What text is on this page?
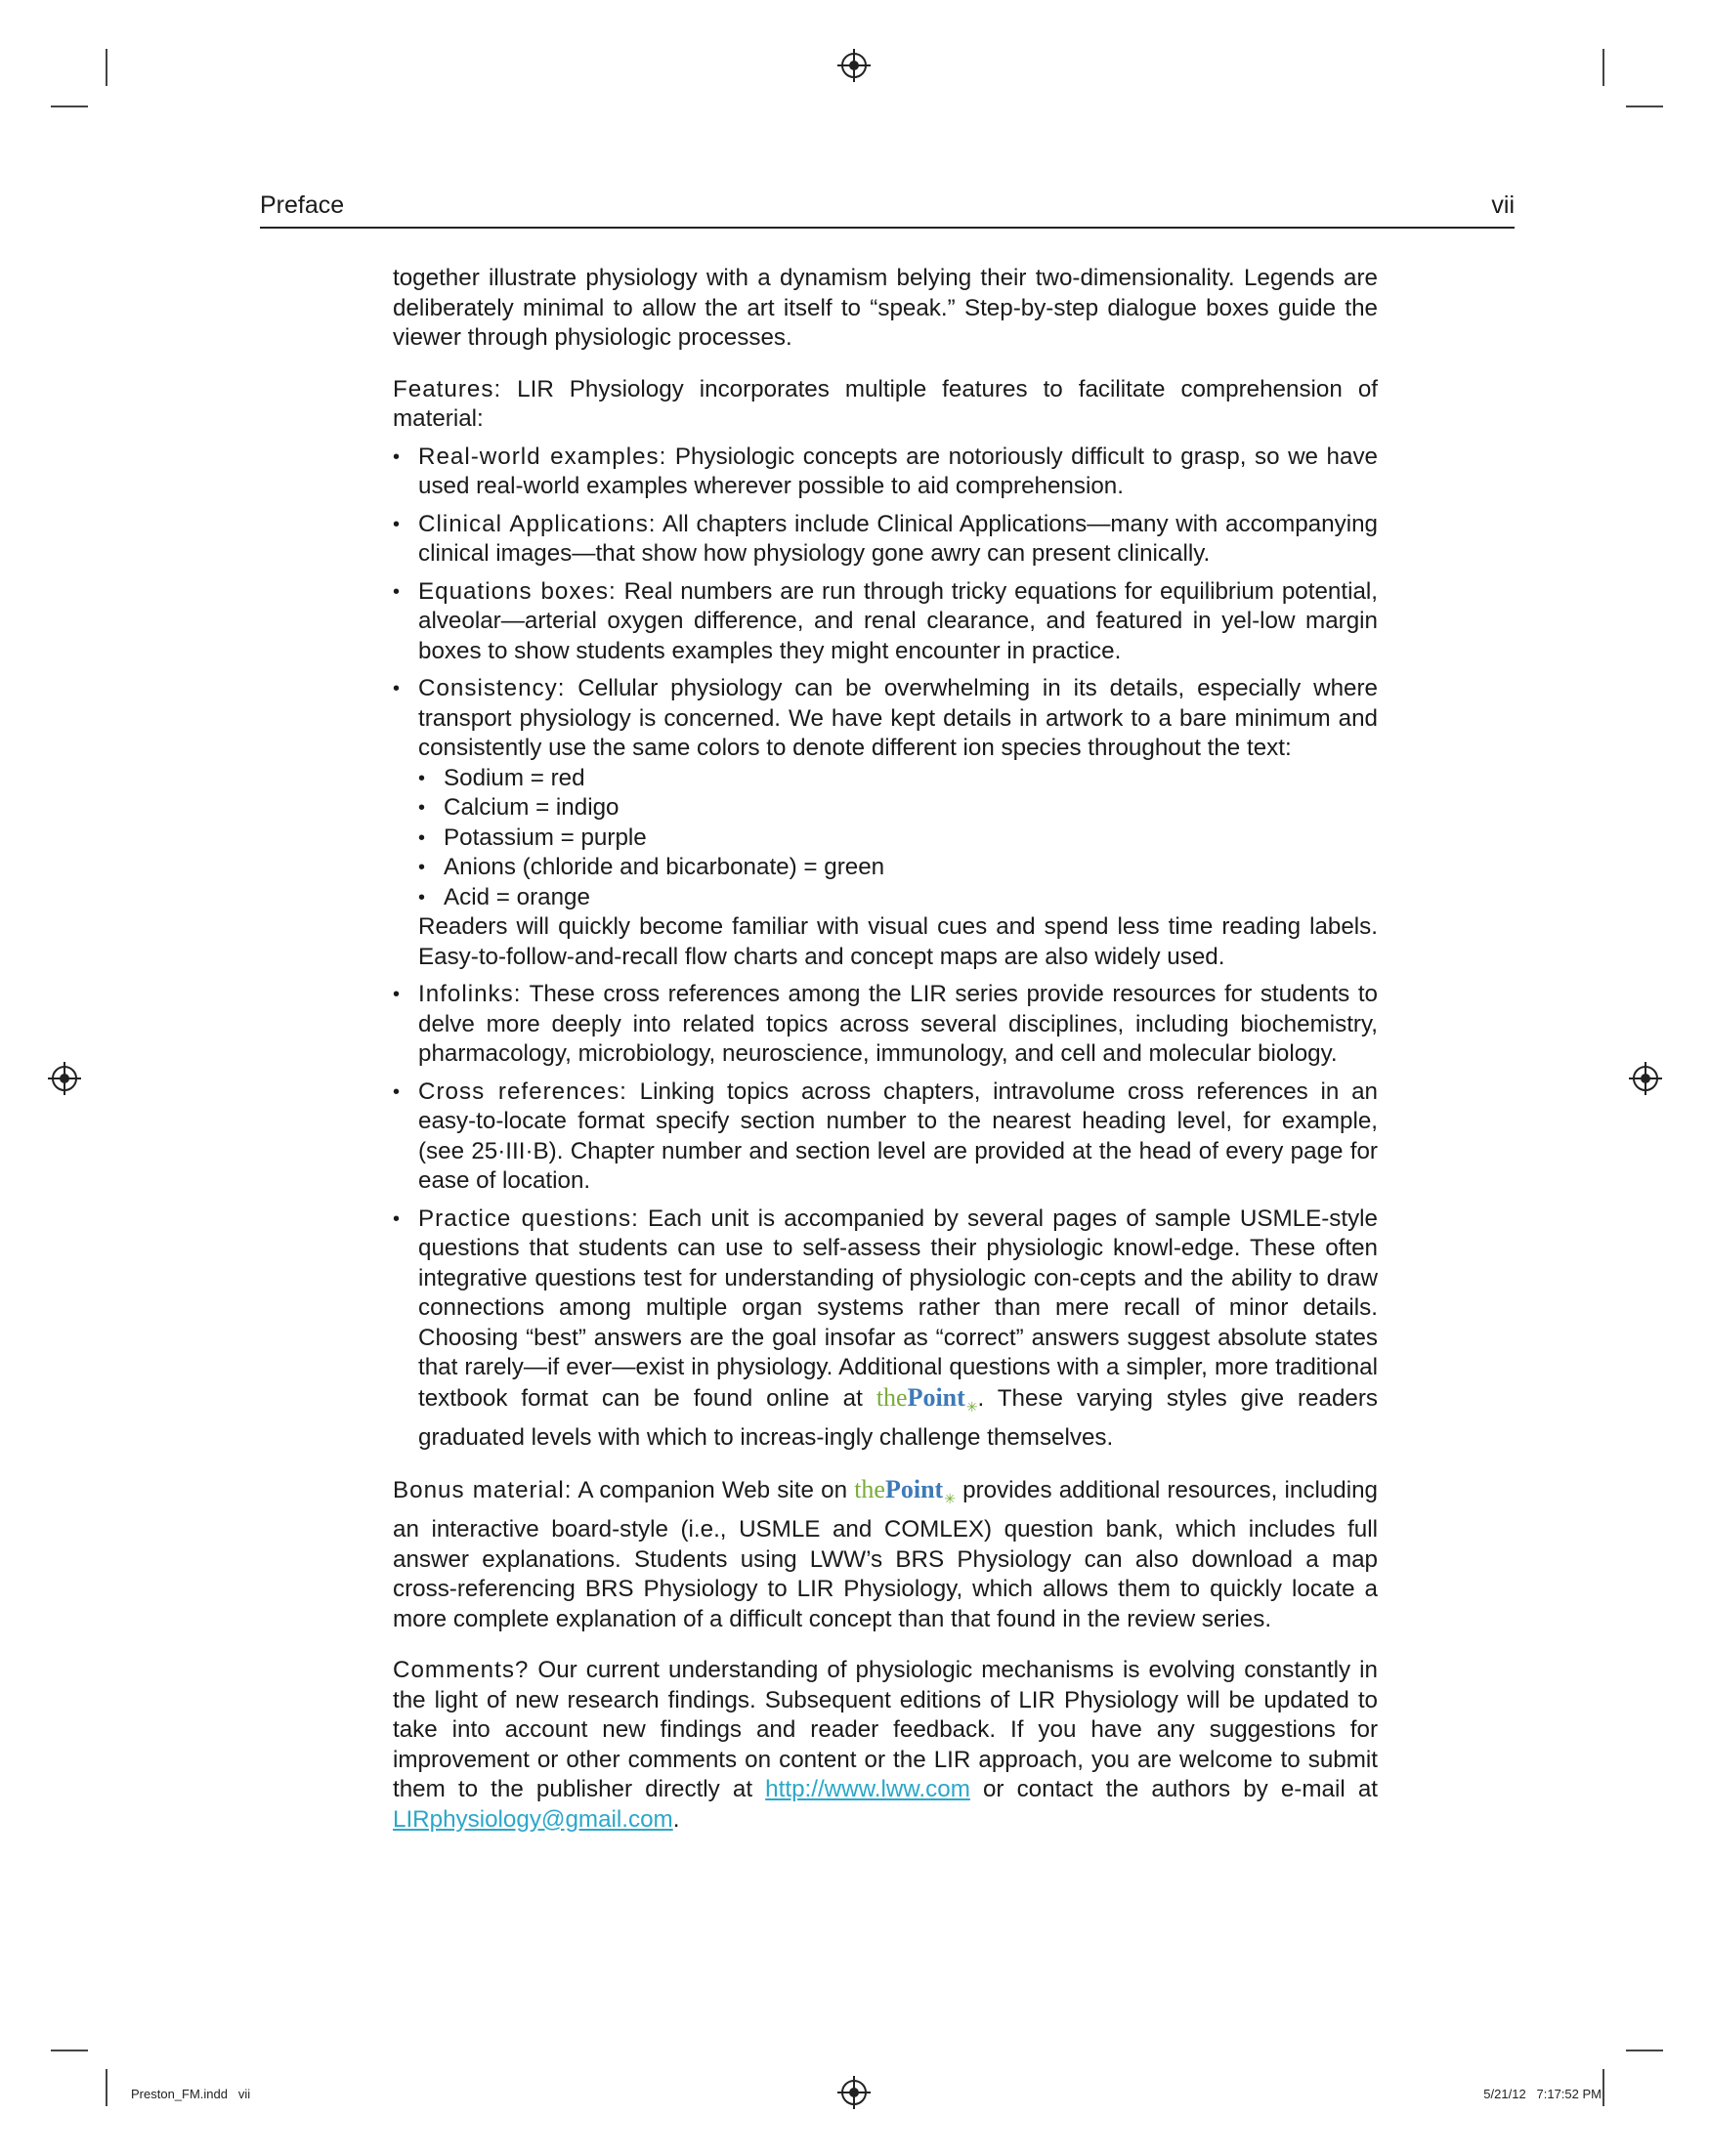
Preface	vii

together illustrate physiology with a dynamism belying their two-dimensionality. Legends are deliberately minimal to allow the art itself to “speak.” Step-by-step dialogue boxes guide the viewer through physiologic processes.

Features: LIR Physiology incorporates multiple features to facilitate comprehension of material:

• Real-world examples: Physiologic concepts are notoriously difficult to grasp, so we have used real-world examples wherever possible to aid comprehension.
• Clinical Applications: All chapters include Clinical Applications—many with accompanying clinical images—that show how physiology gone awry can present clinically.
• Equations boxes: Real numbers are run through tricky equations for equilibrium potential, alveolar—arterial oxygen difference, and renal clearance, and featured in yel-low margin boxes to show students examples they might encounter in practice.
• Consistency: Cellular physiology can be overwhelming in its details, especially where transport physiology is concerned. We have kept details in artwork to a bare minimum and consistently use the same colors to denote different ion species throughout the text:
• Sodium = red
• Calcium = indigo
• Potassium = purple
• Anions (chloride and bicarbonate) = green
• Acid = orange
Readers will quickly become familiar with visual cues and spend less time reading labels. Easy-to-follow-and-recall flow charts and concept maps are also widely used.
• Infolinks: These cross references among the LIR series provide resources for students to delve more deeply into related topics across several disciplines, including biochemistry, pharmacology, microbiology, neuroscience, immunology, and cell and molecular biology.
• Cross references: Linking topics across chapters, intravolume cross references in an easy-to-locate format specify section number to the nearest heading level, for example, (see 25·III·B). Chapter number and section level are provided at the head of every page for ease of location.
• Practice questions: Each unit is accompanied by several pages of sample USMLE-style questions that students can use to self-assess their physiologic knowl-edge. These often integrative questions test for understanding of physiologic con-cepts and the ability to draw connections among multiple organ systems rather than mere recall of minor details. Choosing “best” answers are the goal insofar as “correct” answers suggest absolute states that rarely—if ever—exist in physiology. Additional questions with a simpler, more traditional textbook format can be found online at thePoint$_✳$. These varying styles give readers graduated levels with which to increas-ingly challenge themselves.

Bonus material: A companion Web site on thePoint$_✳$ provides additional resources, including an interactive board-style (i.e., USMLE and COMLEX) question bank, which includes full answer explanations. Students using LWW’s BRS Physiology can also download a map cross-referencing BRS Physiology to LIR Physiology, which allows them to quickly locate a more complete explanation of a difficult concept than that found in the review series.

Comments? Our current understanding of physiologic mechanisms is evolving constantly in the light of new research findings. Subsequent editions of LIR Physiology will be updated to take into account new findings and reader feedback. If you have any suggestions for improvement or other comments on content or the LIR approach, you are welcome to submit them to the publisher directly at http://www.lww.com or contact the authors by e-mail at LIRphysiology@gmail.com.

Preston_FM.indd   vii	5/21/12   7:17:52 PM
